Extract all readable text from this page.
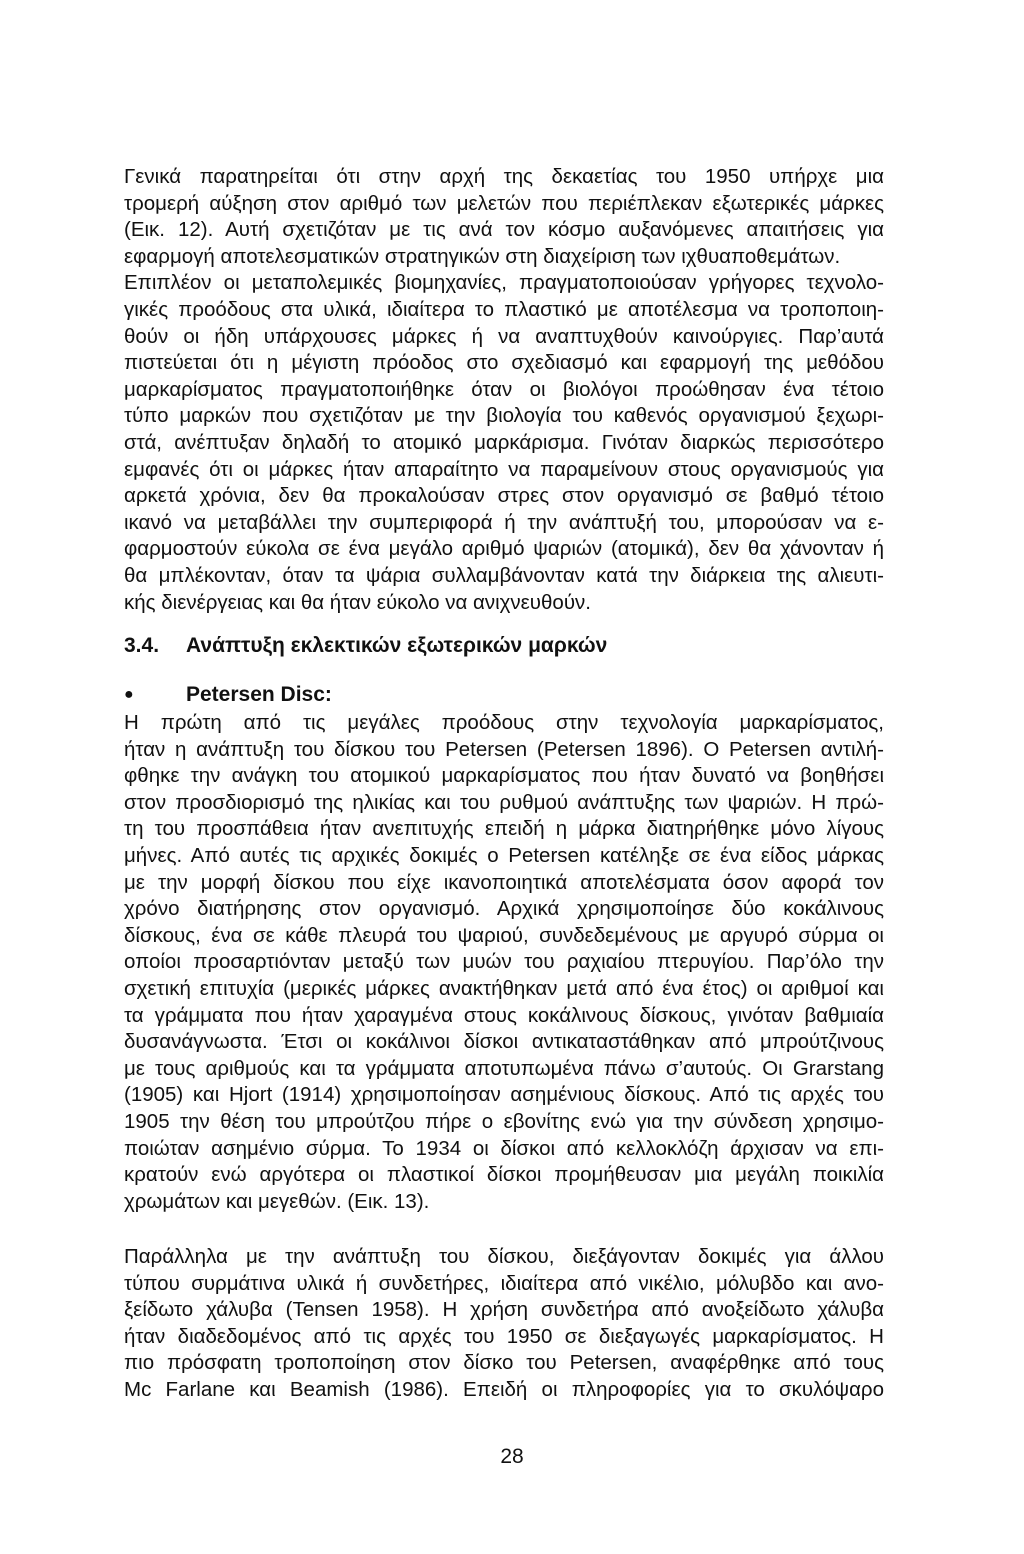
Γενικά παρατηρείται ότι στην αρχή της δεκαετίας του 1950 υπήρχε μια
τρομερή αύξηση στον αριθμό των μελετών που περιέπλεκαν εξωτερικές μάρκες
(Εικ. 12). Αυτή σχετιζόταν με τις ανά τον κόσμο αυξανόμενες απαιτήσεις για
εφαρμογή αποτελεσματικών στρατηγικών στη διαχείριση των ιχθυαποθεμάτων.
Επιπλέον οι μεταπολεμικές βιομηχανίες, πραγματοποιούσαν γρήγορες τεχνολο-
γικές προόδους στα υλικά, ιδιαίτερα το πλαστικό με αποτέλεσμα να τροποποιη-
θούν οι ήδη υπάρχουσες μάρκες ή να αναπτυχθούν καινούργιες. Παρ’αυτά
πιστεύεται ότι η μέγιστη πρόοδος στο σχεδιασμό και εφαρμογή της μεθόδου
μαρκαρίσματος πραγματοποιήθηκε όταν οι βιολόγοι προώθησαν ένα τέτοιο
τύπο μαρκών που σχετιζόταν με την βιολογία του καθενός οργανισμού ξεχωρι-
στά, ανέπτυξαν δηλαδή το ατομικό μαρκάρισμα. Γινόταν διαρκώς περισσότερο
εμφανές ότι οι μάρκες ήταν απαραίτητο να παραμείνουν στους οργανισμούς για
αρκετά χρόνια, δεν θα προκαλούσαν στρες στον οργανισμό σε βαθμό τέτοιο
ικανό να μεταβάλλει την συμπεριφορά ή την ανάπτυξή του, μπορούσαν να ε-
φαρμοστούν εύκολα σε ένα μεγάλο αριθμό ψαριών (ατομικά), δεν θα χάνονταν ή
θα μπλέκονταν, όταν τα ψάρια συλλαμβάνονταν κατά την διάρκεια της αλιευτι-
κής διενέργειας και θα ήταν εύκολο να ανιχνευθούν.
3.4. Ανάπτυξη εκλεκτικών εξωτερικών μαρκών
● Petersen Disc:
Η πρώτη από τις μεγάλες προόδους στην τεχνολογία μαρκαρίσματος,
ήταν η ανάπτυξη του δίσκου του Petersen (Petersen 1896). Ο Petersen αντιλή-
φθηκε την ανάγκη του ατομικού μαρκαρίσματος που ήταν δυνατό να βοηθήσει
στον προσδιορισμό της ηλικίας και του ρυθμού ανάπτυξης των ψαριών. Η πρώ-
τη του προσπάθεια ήταν ανεπιτυχής επειδή η μάρκα διατηρήθηκε μόνο λίγους
μήνες. Από αυτές τις αρχικές δοκιμές ο Petersen κατέληξε σε ένα είδος μάρκας
με την μορφή δίσκου που είχε ικανοποιητικά αποτελέσματα όσον αφορά τον
χρόνο διατήρησης στον οργανισμό. Αρχικά χρησιμοποίησε δύο κοκάλινους
δίσκους, ένα σε κάθε πλευρά του ψαριού, συνδεδεμένους με αργυρό σύρμα οι
οποίοι προσαρτιόνταν μεταξύ των μυών του ραχιαίου πτερυγίου. Παρ’όλο την
σχετική επιτυχία (μερικές μάρκες ανακτήθηκαν μετά από ένα έτος) οι αριθμοί και
τα γράμματα που ήταν χαραγμένα στους κοκάλινους δίσκους, γινόταν βαθμιαία
δυσανάγνωστα. Έτσι οι κοκάλινοι δίσκοι αντικαταστάθηκαν από μπρούτζινους
με τους αριθμούς και τα γράμματα αποτυπωμένα πάνω σ’αυτούς. Οι Grarstang
(1905) και Hjort (1914) χρησιμοποίησαν ασημένιους δίσκους. Από τις αρχές του
1905 την θέση του μπρούτζου πήρε ο εβονίτης ενώ για την σύνδεση χρησιμο-
ποιώταν ασημένιο σύρμα. Το 1934 οι δίσκοι από κελλοκλόζη άρχισαν να επι-
κρατούν ενώ αργότερα οι πλαστικοί δίσκοι προμήθευσαν μια μεγάλη ποικιλία
χρωμάτων και μεγεθών. (Εικ. 13).
Παράλληλα με την ανάπτυξη του δίσκου, διεξάγονταν δοκιμές για άλλου
τύπου συρμάτινα υλικά ή συνδετήρες, ιδιαίτερα από νικέλιο, μόλυβδο και ανο-
ξείδωτο χάλυβα (Tensen 1958). Η χρήση συνδετήρα από ανοξείδωτο χάλυβα
ήταν διαδεδομένος από τις αρχές του 1950 σε διεξαγωγές μαρκαρίσματος. Η
πιο πρόσφατη τροποποίηση στον δίσκο του Petersen, αναφέρθηκε από τους
Mc Farlane και Beamish (1986). Επειδή οι πληροφορίες για το σκυλόψαρο
28
